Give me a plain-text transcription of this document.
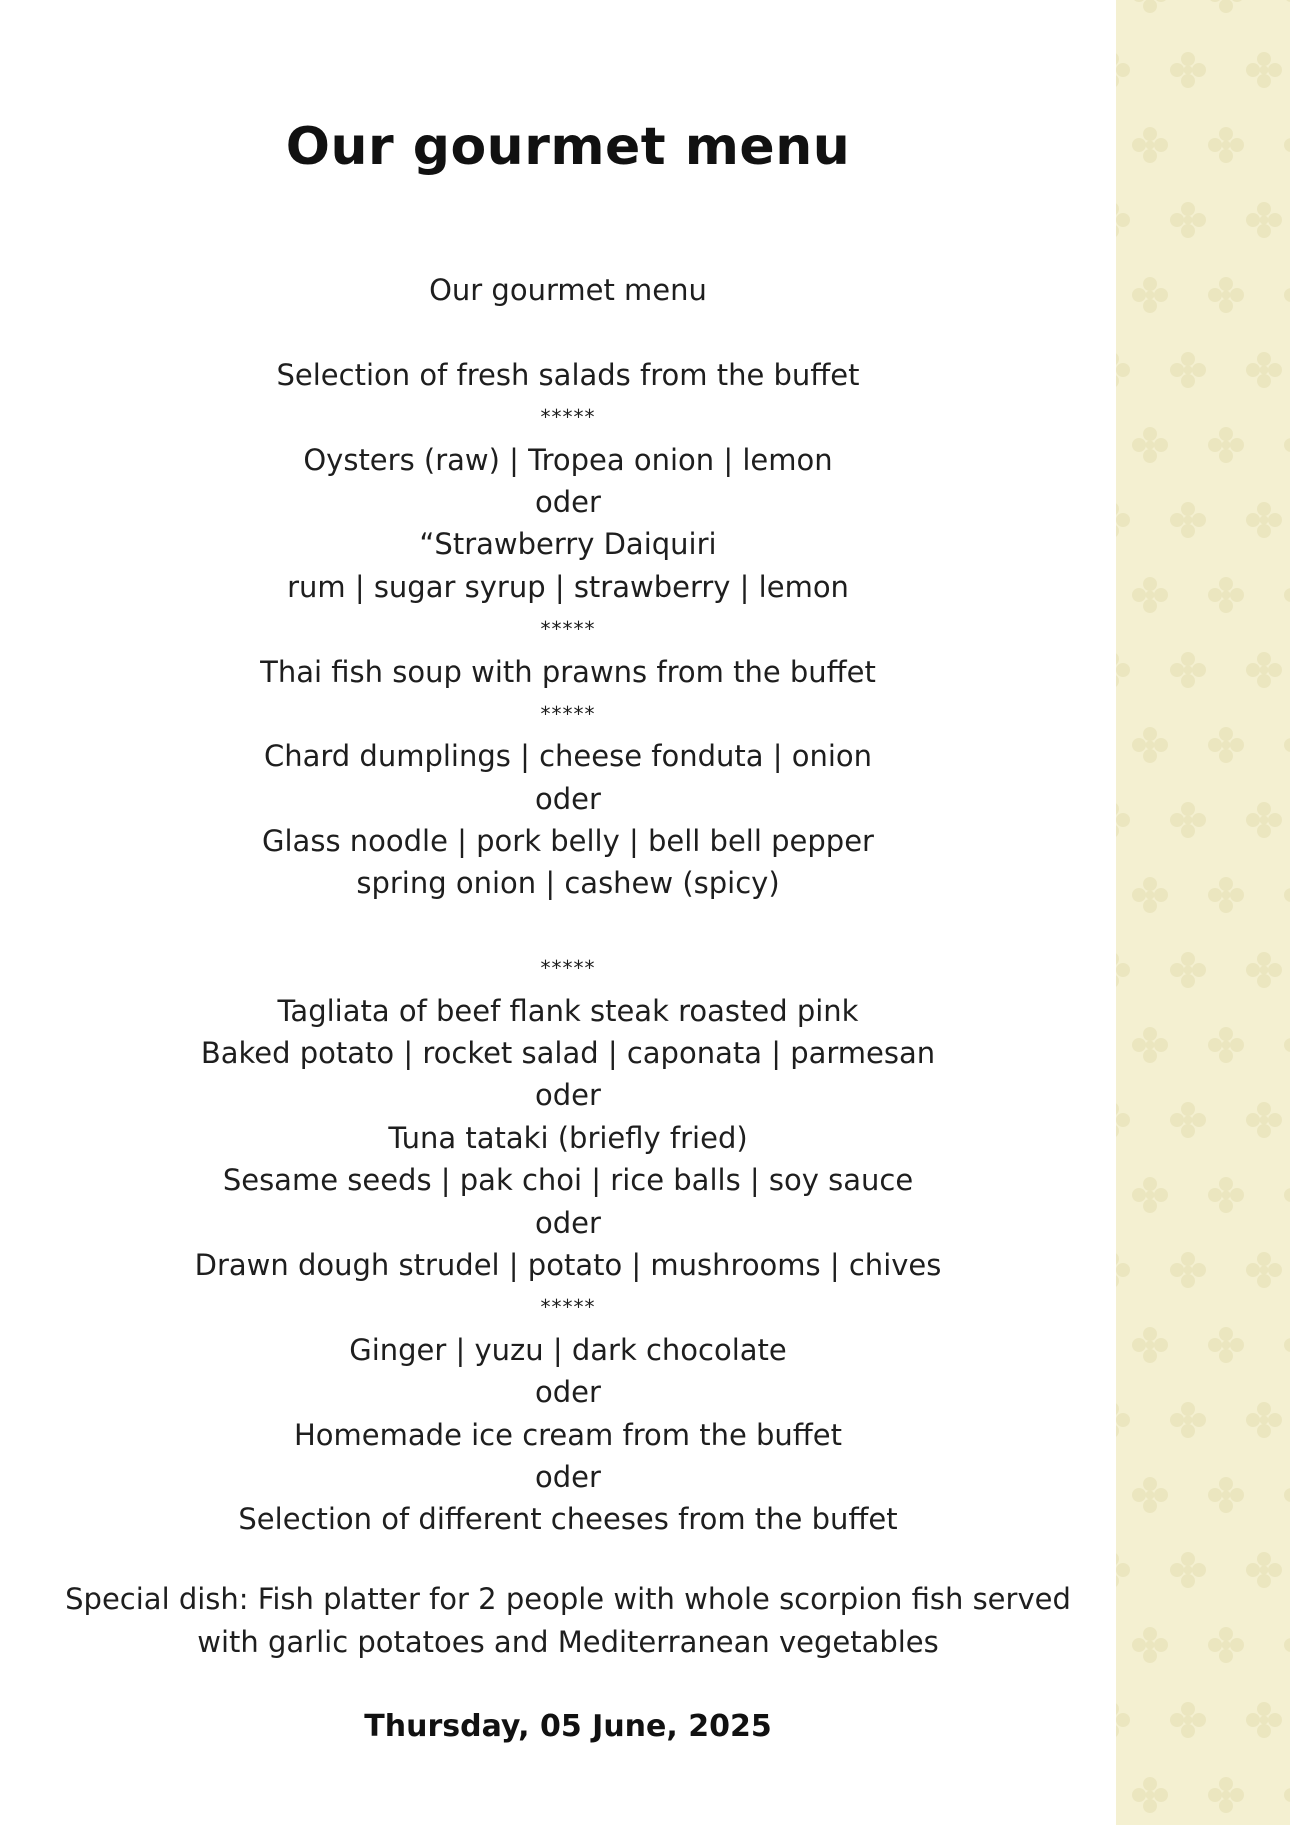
Our gourmet menu
Our gourmet menu
Selection of fresh salads from the buffet
*****
Oysters (raw) | Tropea onion | lemon
oder
“Strawberry Daiquiri
rum | sugar syrup | strawberry | lemon
*****
Thai fish soup with prawns from the buffet
*****
Chard dumplings | cheese fonduta | onion
oder
Glass noodle | pork belly | bell bell pepper
spring onion | cashew (spicy)
*****
Tagliata of beef flank steak roasted pink
Baked potato | rocket salad | caponata | parmesan
oder
Tuna tataki (briefly fried)
Sesame seeds | pak choi | rice balls | soy sauce
oder
Drawn dough strudel | potato | mushrooms | chives
*****
Ginger | yuzu | dark chocolate
oder
Homemade ice cream from the buffet
oder
Selection of different cheeses from the buffet
Special dish: Fish platter for 2 people with whole scorpion fish served
with garlic potatoes and Mediterranean vegetables
Thursday, 05 June, 2025
